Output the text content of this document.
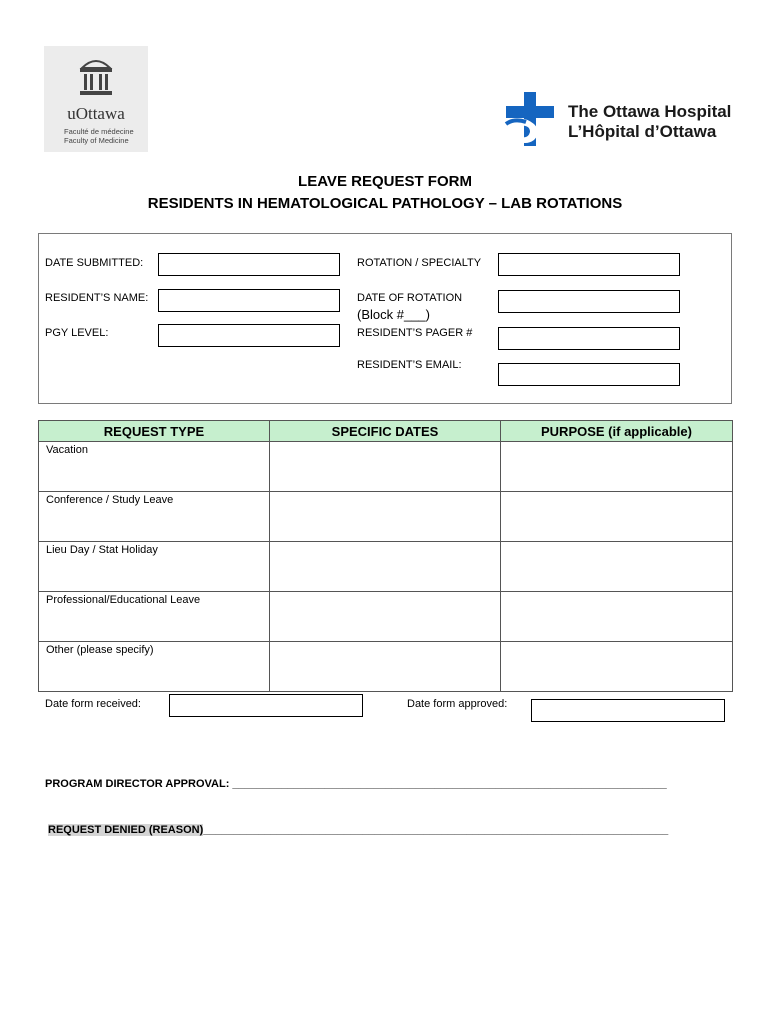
uOttawa
Faculté de médecine
Faculty of Medicine
The Ottawa Hospital
L’Hôpital d’Ottawa
LEAVE REQUEST FORM
RESIDENTS IN HEMATOLOGICAL PATHOLOGY – LAB ROTATIONS
DATE SUBMITTED:
RESIDENT’S NAME:
PGY LEVEL:
ROTATION / SPECIALTY
DATE OF ROTATION
(Block #___)
RESIDENT’S PAGER #
RESIDENT’S EMAIL:
REQUEST TYPE	SPECIFIC DATES	PURPOSE (if applicable)
Vacation		
Conference / Study Leave		
Lieu Day / Stat Holiday		
Professional/Educational Leave		
Other (please specify)		
Date form received:	Date form approved:
PROGRAM DIRECTOR APPROVAL: _______________________________________________________________________
REQUEST DENIED (REASON)____________________________________________________________________________
